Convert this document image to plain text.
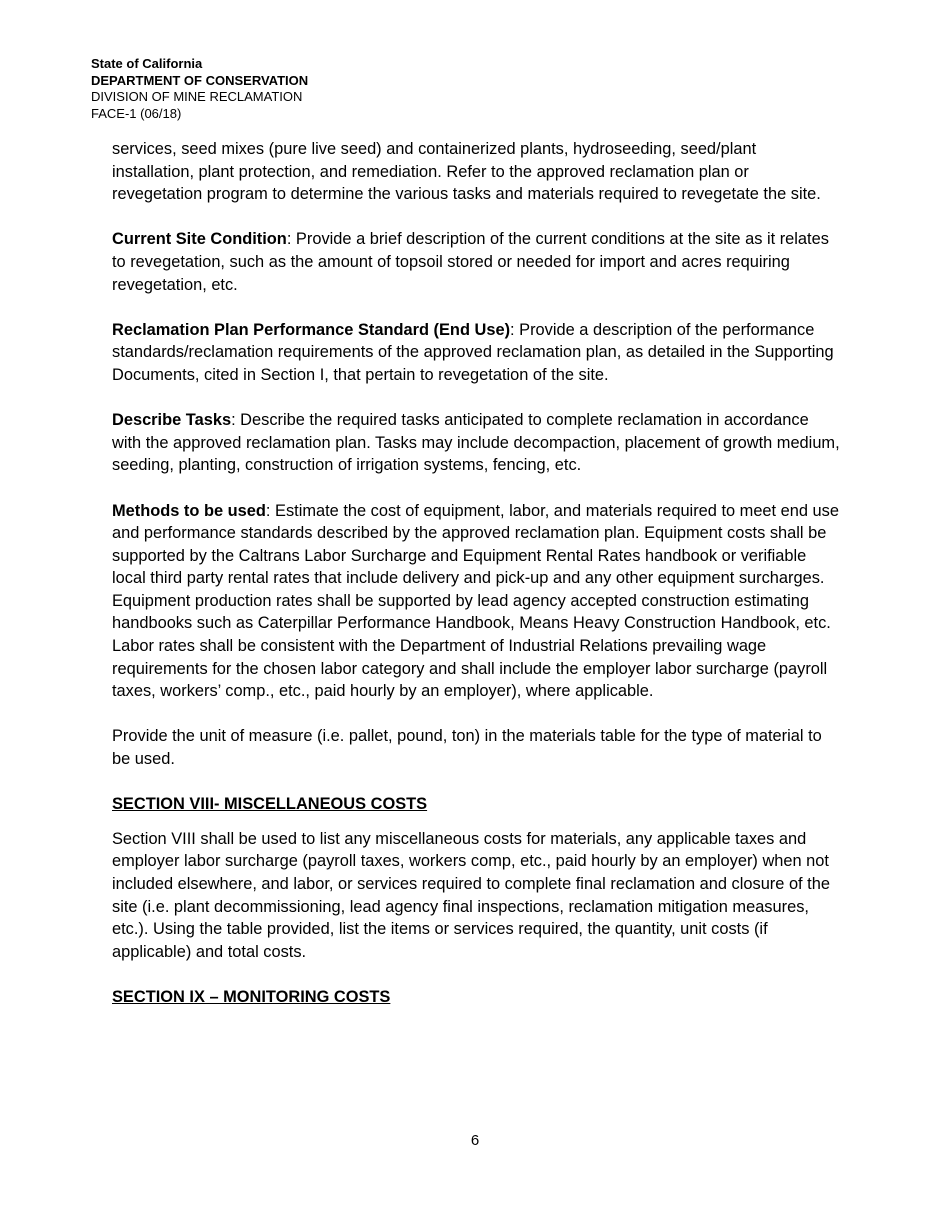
State of California
DEPARTMENT OF CONSERVATION
DIVISION OF MINE RECLAMATION
FACE-1 (06/18)

services, seed mixes (pure live seed) and containerized plants, hydroseeding, seed/plant installation, plant protection, and remediation. Refer to the approved reclamation plan or revegetation program to determine the various tasks and materials required to revegetate the site.

Current Site Condition: Provide a brief description of the current conditions at the site as it relates to revegetation, such as the amount of topsoil stored or needed for import and acres requiring revegetation, etc.

Reclamation Plan Performance Standard (End Use): Provide a description of the performance standards/reclamation requirements of the approved reclamation plan, as detailed in the Supporting Documents, cited in Section I, that pertain to revegetation of the site.

Describe Tasks: Describe the required tasks anticipated to complete reclamation in accordance with the approved reclamation plan. Tasks may include decompaction, placement of growth medium, seeding, planting, construction of irrigation systems, fencing, etc.

Methods to be used: Estimate the cost of equipment, labor, and materials required to meet end use and performance standards described by the approved reclamation plan. Equipment costs shall be supported by the Caltrans Labor Surcharge and Equipment Rental Rates handbook or verifiable local third party rental rates that include delivery and pick-up and any other equipment surcharges. Equipment production rates shall be supported by lead agency accepted construction estimating handbooks such as Caterpillar Performance Handbook, Means Heavy Construction Handbook, etc. Labor rates shall be consistent with the Department of Industrial Relations prevailing wage requirements for the chosen labor category and shall include the employer labor surcharge (payroll taxes, workers’ comp., etc., paid hourly by an employer), where applicable.

Provide the unit of measure (i.e. pallet, pound, ton) in the materials table for the type of material to be used.

SECTION VIII- MISCELLANEOUS COSTS

Section VIII shall be used to list any miscellaneous costs for materials, any applicable taxes and employer labor surcharge (payroll taxes, workers comp, etc., paid hourly by an employer) when not included elsewhere, and labor, or services required to complete final reclamation and closure of the site (i.e. plant decommissioning, lead agency final inspections, reclamation mitigation measures, etc.). Using the table provided, list the items or services required, the quantity, unit costs (if applicable) and total costs.

SECTION IX – MONITORING COSTS
6
